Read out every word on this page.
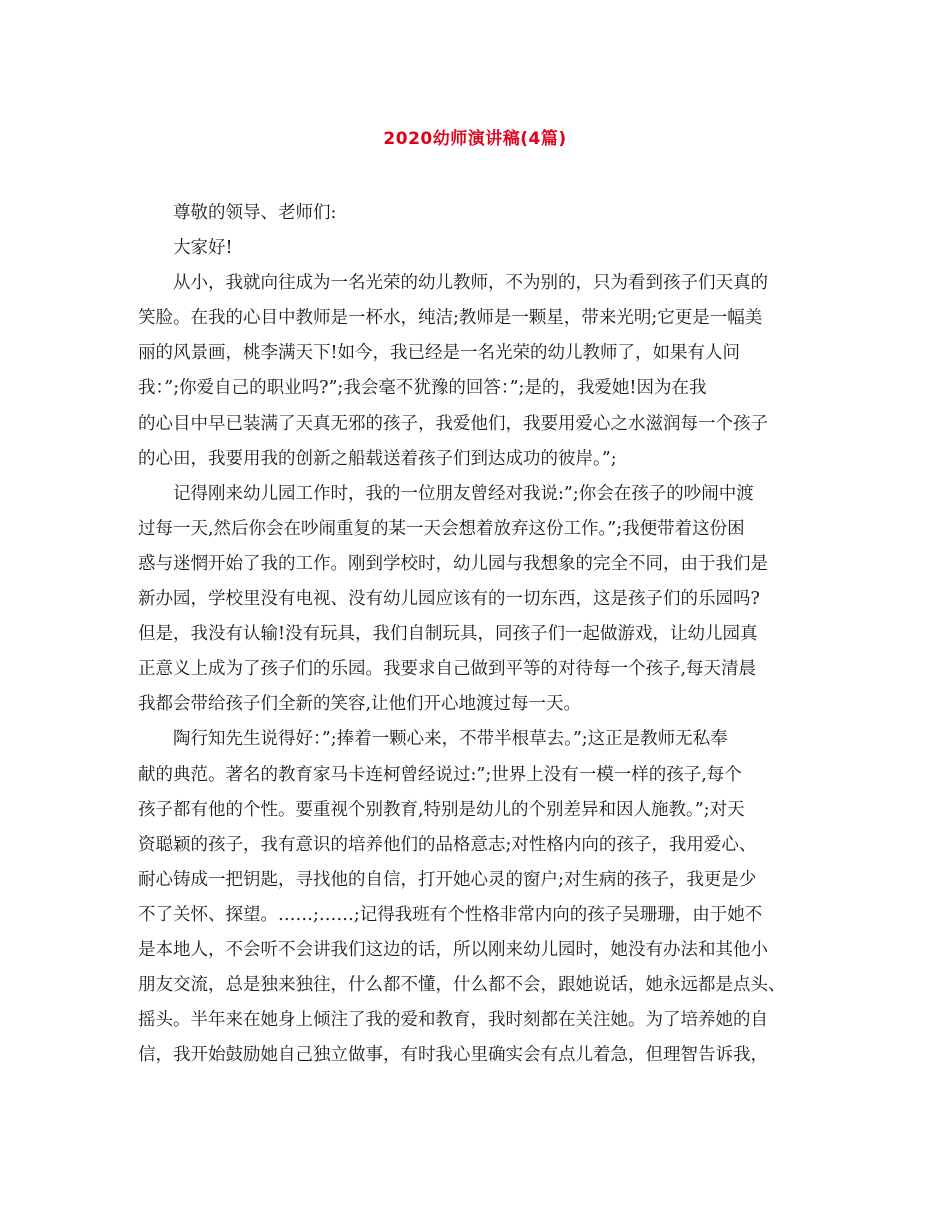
2020幼师演讲稿(4篇)
尊敬的领导、老师们:
大家好!
从小，我就向往成为一名光荣的幼儿教师，不为别的，只为看到孩子们天真的
笑脸。在我的心目中教师是一杯水，纯洁;教师是一颗星，带来光明;它更是一幅美
丽的风景画，桃李满天下!如今，我已经是一名光荣的幼儿教师了，如果有人问
我：”;你爱自己的职业吗?”;我会毫不犹豫的回答：”;是的，我爱她!因为在我
的心目中早已装满了天真无邪的孩子，我爱他们，我要用爱心之水滋润每一个孩子
的心田，我要用我的创新之船载送着孩子们到达成功的彼岸。”;
记得刚来幼儿园工作时，我的一位朋友曾经对我说:”;你会在孩子的吵闹中渡
过每一天,然后你会在吵闹重复的某一天会想着放弃这份工作。”;我便带着这份困
惑与迷惘开始了我的工作。刚到学校时，幼儿园与我想象的完全不同，由于我们是
新办园，学校里没有电视、没有幼儿园应该有的一切东西，这是孩子们的乐园吗?
但是，我没有认输!没有玩具，我们自制玩具，同孩子们一起做游戏，让幼儿园真
正意义上成为了孩子们的乐园。我要求自己做到平等的对待每一个孩子,每天清晨
我都会带给孩子们全新的笑容,让他们开心地渡过每一天。
陶行知先生说得好：”;捧着一颗心来，不带半根草去。”;这正是教师无私奉
献的典范。著名的教育家马卡连柯曾经说过:”;世界上没有一模一样的孩子,每个
孩子都有他的个性。要重视个别教育,特别是幼儿的个别差异和因人施教。”;对天
资聪颖的孩子，我有意识的培养他们的品格意志;对性格内向的孩子，我用爱心、
耐心铸成一把钥匙，寻找他的自信，打开她心灵的窗户;对生病的孩子，我更是少
不了关怀、探望。……;……;记得我班有个性格非常内向的孩子吴珊珊，由于她不
是本地人，不会听不会讲我们这边的话，所以刚来幼儿园时，她没有办法和其他小
朋友交流，总是独来独往，什么都不懂，什么都不会，跟她说话，她永远都是点头、
摇头。半年来在她身上倾注了我的爱和教育，我时刻都在关注她。为了培养她的自
信，我开始鼓励她自己独立做事，有时我心里确实会有点儿着急，但理智告诉我，
